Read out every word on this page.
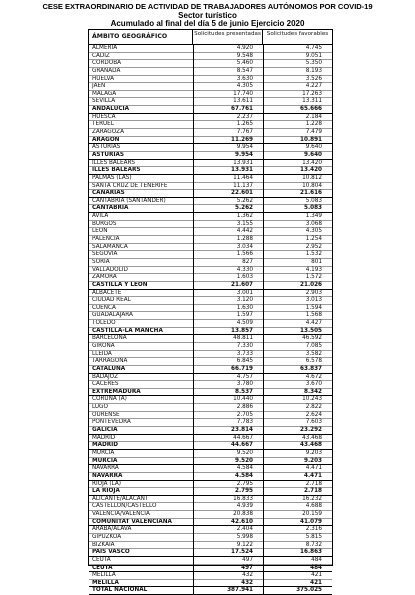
CESE EXTRAORDINARIO DE ACTIVIDAD DE TRABAJADORES AUTÓNOMOS POR COVID-19
Sector turístico
Acumulado al final del día 5 de junio Ejercicio 2020
ÁMBITO GEOGRÁFICO	Solicitudes presentadas	Solicitudes favorables
ALMERÍA	4.920	4.745
CÁDIZ	9.548	9.051
CÓRDOBA	5.460	5.350
GRANADA	8.547	8.193
HUELVA	3.630	3.526
JAÉN	4.305	4.227
MÁLAGA	17.740	17.263
SEVILLA	13.611	13.311
ANDALUCÍA	67.761	65.666
HUESCA	2.237	2.184
TERUEL	1.265	1.228
ZARAGOZA	7.767	7.479
ARAGÓN	11.269	10.891
ASTURIAS	9.954	9.640
ASTURIAS	9.954	9.640
ILLES BALEARS	13.931	13.420
ILLES BALEARS	13.931	13.420
PALMAS (LAS)	11.464	10.812
SANTA CRUZ DE TENERIFE	11.137	10.804
CANARIAS	22.601	21.616
CANTABRIA (SANTANDER)	5.262	5.083
CANTABRIA	5.262	5.083
ÁVILA	1.362	1.349
BURGOS	3.155	3.068
LEÓN	4.442	4.305
PALENCIA	1.288	1.254
SALAMANCA	3.034	2.952
SEGOVIA	1.566	1.532
SORIA	827	801
VALLADOLID	4.330	4.193
ZAMORA	1.603	1.572
CASTILLA Y LEÓN	21.607	21.026
ALBACETE	3.001	2.903
CIUDAD REAL	3.120	3.013
CUENCA	1.630	1.594
GUADALAJARA	1.597	1.568
TOLEDO	4.509	4.427
CASTILLA-LA MANCHA	13.857	13.505
BARCELONA	48.811	46.592
GIRONA	7.330	7.085
LLEIDA	3.733	3.582
TARRAGONA	6.845	6.578
CATALUÑA	66.719	63.837
BADAJOZ	4.757	4.672
CÁCERES	3.780	3.670
EXTREMADURA	8.537	8.342
CORUÑA (A)	10.440	10.243
LUGO	2.886	2.822
OURENSE	2.705	2.624
PONTEVEDRA	7.783	7.603
GALICIA	23.814	23.292
MADRID	44.667	43.468
MADRID	44.667	43.468
MURCIA	9.520	9.203
MURCIA	9.520	9.203
NAVARRA	4.584	4.471
NAVARRA	4.584	4.471
RIOJA (LA)	2.795	2.718
LA RIOJA	2.795	2.718
ALICANTE/ALACANT	16.833	16.232
CASTELLÓN/CASTELLÓ	4.939	4.688
VALENCIA/VALÈNCIA	20.838	20.159
COMUNITAT VALENCIANA	42.610	41.079
ARABA/ÁLAVA	2.404	2.316
GIPUZKOA	5.998	5.815
BIZKAIA	9.122	8.732
PAÍS VASCO	17.524	16.863
CEUTA	497	484
CEUTA	497	484
MELILLA	432	421
MELILLA	432	421
TOTAL NACIONAL	387.941	375.025
